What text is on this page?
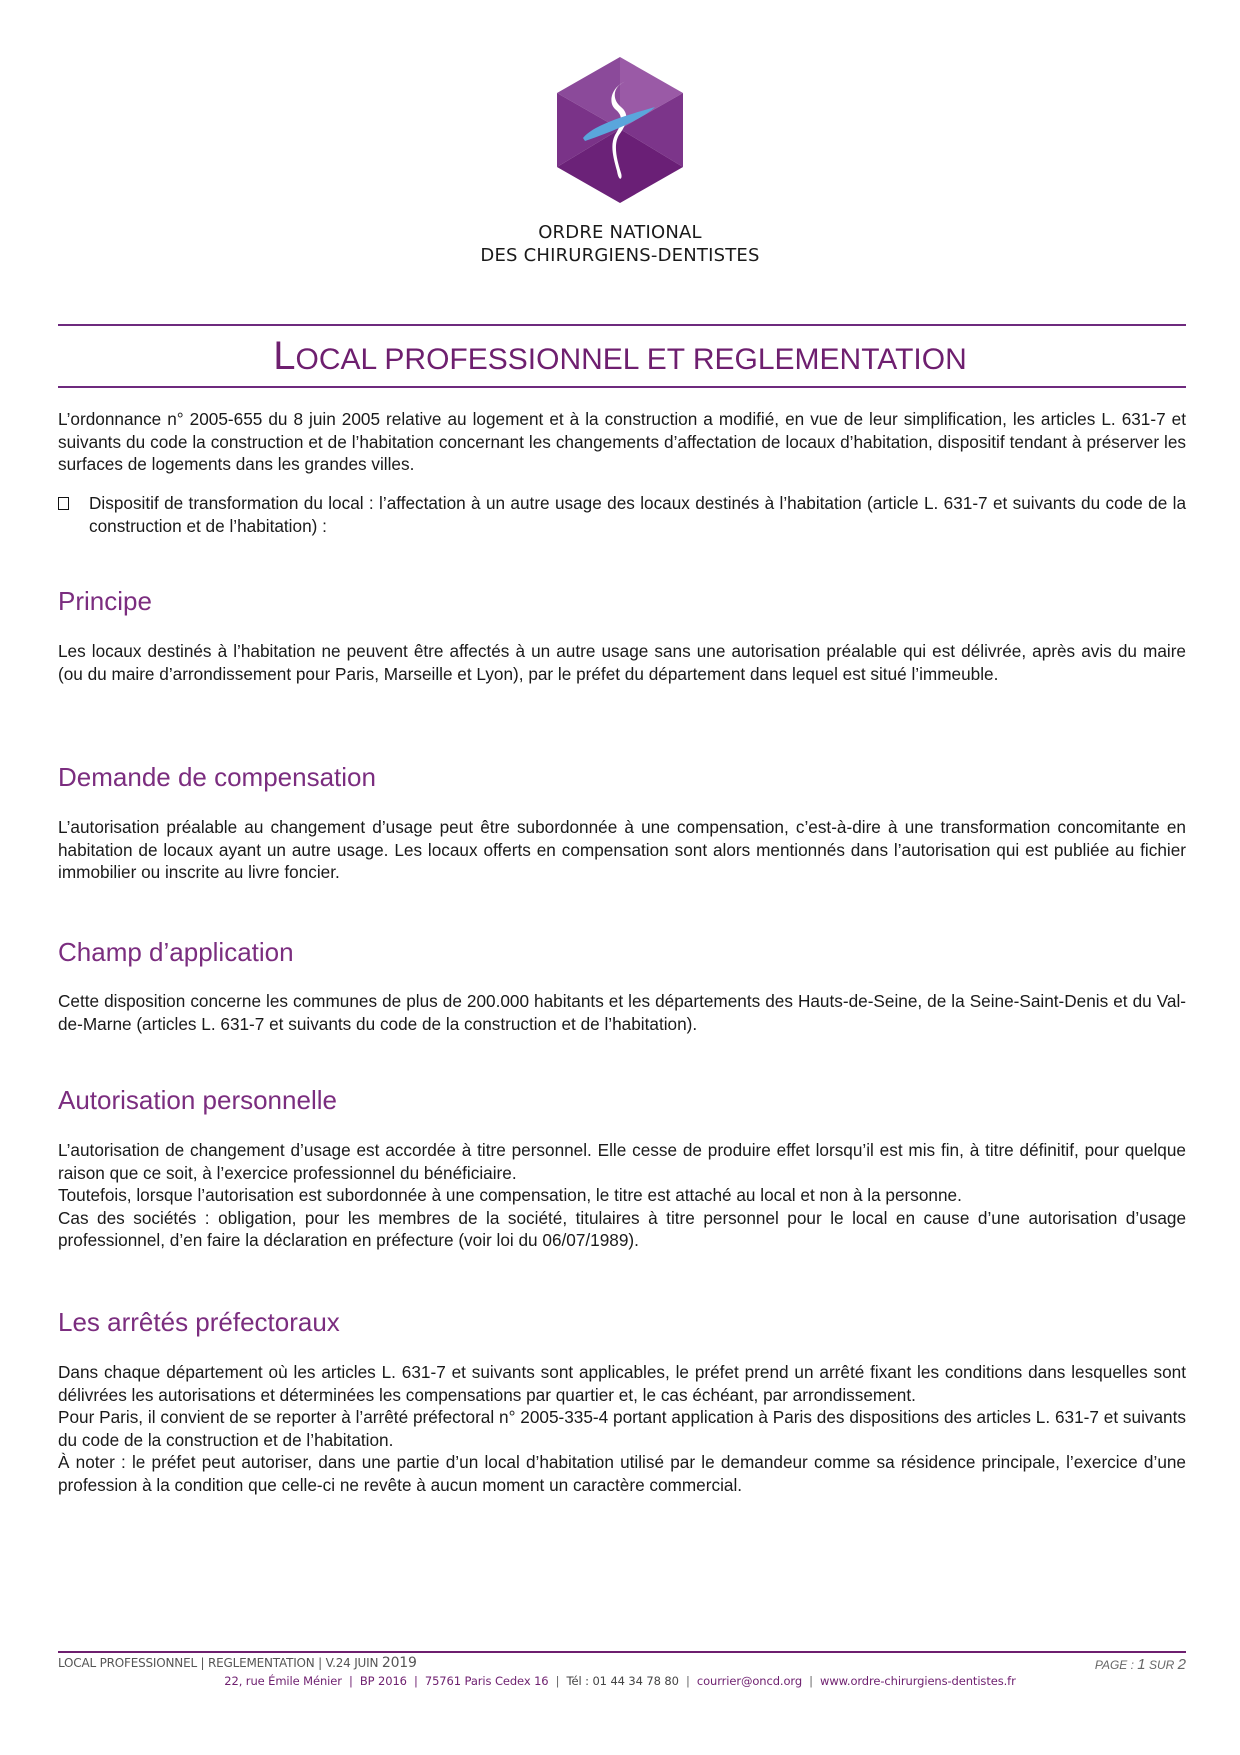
ORDRE NATIONAL
DES CHIRURGIENS-DENTISTES
LOCAL PROFESSIONNEL ET REGLEMENTATION

L’ordonnance n° 2005-655 du 8 juin 2005 relative au logement et à la construction a modifié, en vue de leur simplification, les articles L. 631-7 et suivants du code la construction et de l’habitation concernant les changements d’affectation de locaux d’habitation, dispositif tendant à préserver les surfaces de logements dans les grandes villes.

Dispositif de transformation du local : l’affectation à un autre usage des locaux destinés à l’habitation (article L. 631-7 et suivants du code de la construction et de l’habitation) :

Principe

Les locaux destinés à l’habitation ne peuvent être affectés à un autre usage sans une autorisation préalable qui est délivrée, après avis du maire (ou du maire d’arrondissement pour Paris, Marseille et Lyon), par le préfet du département dans lequel est situé l’immeuble.

Demande de compensation

L’autorisation préalable au changement d’usage peut être subordonnée à une compensation, c’est-à-dire à une transformation concomitante en habitation de locaux ayant un autre usage. Les locaux offerts en compensation sont alors mentionnés dans l’autorisation qui est publiée au fichier immobilier ou inscrite au livre foncier.

Champ d’application

Cette disposition concerne les communes de plus de 200.000 habitants et les départements des Hauts-de-Seine, de la Seine-Saint-Denis et du Val-de-Marne (articles L. 631-7 et suivants du code de la construction et de l’habitation).

Autorisation personnelle

L’autorisation de changement d’usage est accordée à titre personnel. Elle cesse de produire effet lorsqu’il est mis fin, à titre définitif, pour quelque raison que ce soit, à l’exercice professionnel du bénéficiaire.

Toutefois, lorsque l’autorisation est subordonnée à une compensation, le titre est attaché au local et non à la personne.

Cas des sociétés : obligation, pour les membres de la société, titulaires à titre personnel pour le local en cause d’une autorisation d’usage professionnel, d’en faire la déclaration en préfecture (voir loi du 06/07/1989).

Les arrêtés préfectoraux

Dans chaque département où les articles L. 631-7 et suivants sont applicables, le préfet prend un arrêté fixant les conditions dans lesquelles sont délivrées les autorisations et déterminées les compensations par quartier et, le cas échéant, par arrondissement.

Pour Paris, il convient de se reporter à l’arrêté préfectoral n° 2005-335-4 portant application à Paris des dispositions des articles L. 631-7 et suivants du code de la construction et de l’habitation.

À noter : le préfet peut autoriser, dans une partie d’un local d’habitation utilisé par le demandeur comme sa résidence principale, l’exercice d’une profession à la condition que celle-ci ne revête à aucun moment un caractère commercial.

LOCAL PROFESSIONNEL | REGLEMENTATION | V.24 JUIN 2019	PAGE : 1 SUR 2
22, rue Émile Ménier  |  BP 2016  |  75761 Paris Cedex 16  |  Tél : 01 44 34 78 80  |  courrier@oncd.org  |  www.ordre-chirurgiens-dentistes.fr
